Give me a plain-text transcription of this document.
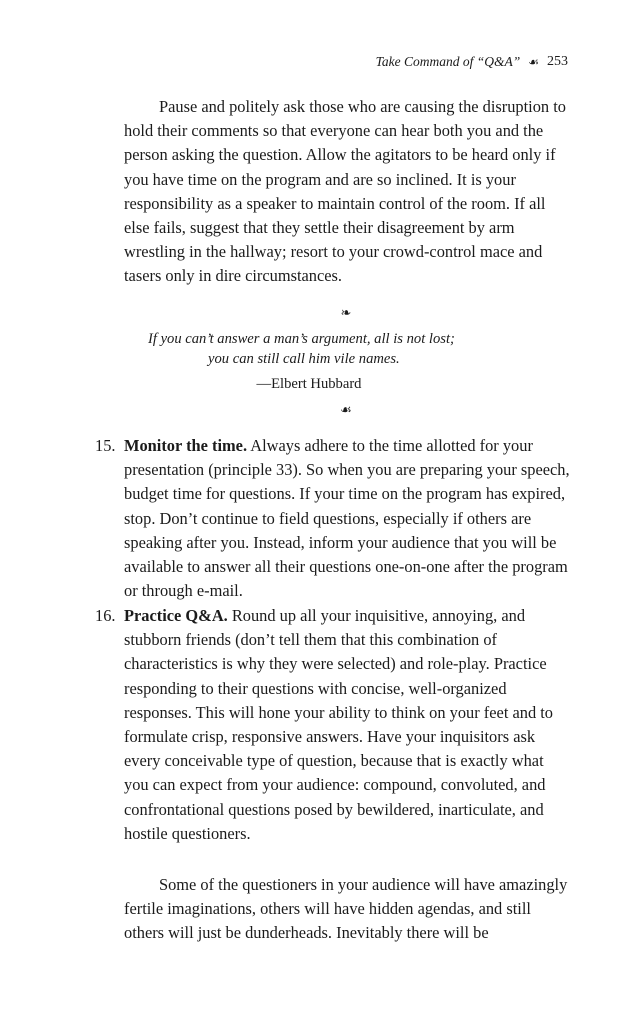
Take Command of “Q&A” ☙ 253

Pause and politely ask those who are causing the disruption to hold their comments so that everyone can hear both you and the person asking the question. Allow the agitators to be heard only if you have time on the program and are so inclined. It is your responsibility as a speaker to maintain control of the room. If all else fails, suggest that they settle their disagreement by arm wrestling in the hallway; resort to your crowd-control mace and tasers only in dire circumstances.

❧
If you can’t answer a man’s argument, all is not lost;
you can still call him vile names.
—Elbert Hubbard
☙
15. Monitor the time. Always adhere to the time allotted for your presentation (principle 33). So when you are preparing your speech, budget time for questions. If your time on the program has expired, stop. Don’t continue to field questions, especially if others are speaking after you. Instead, inform your audience that you will be available to answer all their questions one-on-one after the program or through e-mail.
16. Practice Q&A. Round up all your inquisitive, annoying, and stubborn friends (don’t tell them that this combination of characteristics is why they were selected) and role-play. Practice responding to their questions with concise, well-organized responses. This will hone your ability to think on your feet and to formulate crisp, responsive answers. Have your inquisitors ask every conceivable type of question, because that is exactly what you can expect from your audience: compound, convoluted, and confrontational questions posed by bewildered, inarticulate, and hostile questioners.

Some of the questioners in your audience will have amazingly fertile imaginations, others will have hidden agendas, and still others will just be dunderheads. Inevitably there will be
